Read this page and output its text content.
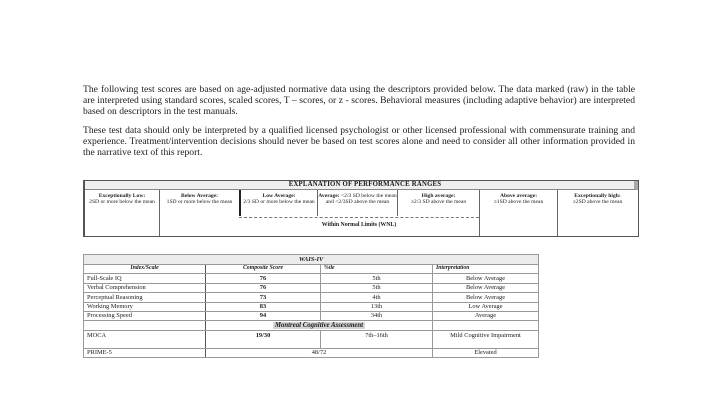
The following test scores are based on age-adjusted normative data using the descriptors provided below. The data marked (raw) in the table are interpreted using standard scores, scaled scores, T – scores, or z - scores. Behavioral measures (including adaptive behavior) are interpreted based on descriptors in the test manuals.

These test data should only be interpreted by a qualified licensed psychologist or other licensed professional with commensurate training and experience. Treatment/intervention decisions should never be based on test scores alone and need to consider all other information provided in the narrative text of this report.

EXPLANATION OF PERFORMANCE RANGES
Exceptionally Low:
2SD or more below the mean
Below Average:
1SD or more below the mean
Low Average:
2/3 SD or more below the mean
Average: <2/3 SD below the mean and <2/3SD above the mean
High average:
≥2/3 SD above the mean
Above average:
≥1SD above the mean
Exceptionally high:
≥2SD above the mean
Within Normal Limits (WNL)
WAIS-IV			
Index/Scale	Composite Score	%ile	Interpretation
Full-Scale IQ	76	5th	Below Average
Verbal Comprehension	76	5th	Below Average
Perceptual Reasoning	73	4th	Below Average
Working Memory	83	13th	Low Average
Processing Speed	94	34th	Average
	Montreal Cognitive Assessment		
MOCA	19/30	7th–16th	Mild Cognitive Impairment
PRIME-5	48/72		Elevated
